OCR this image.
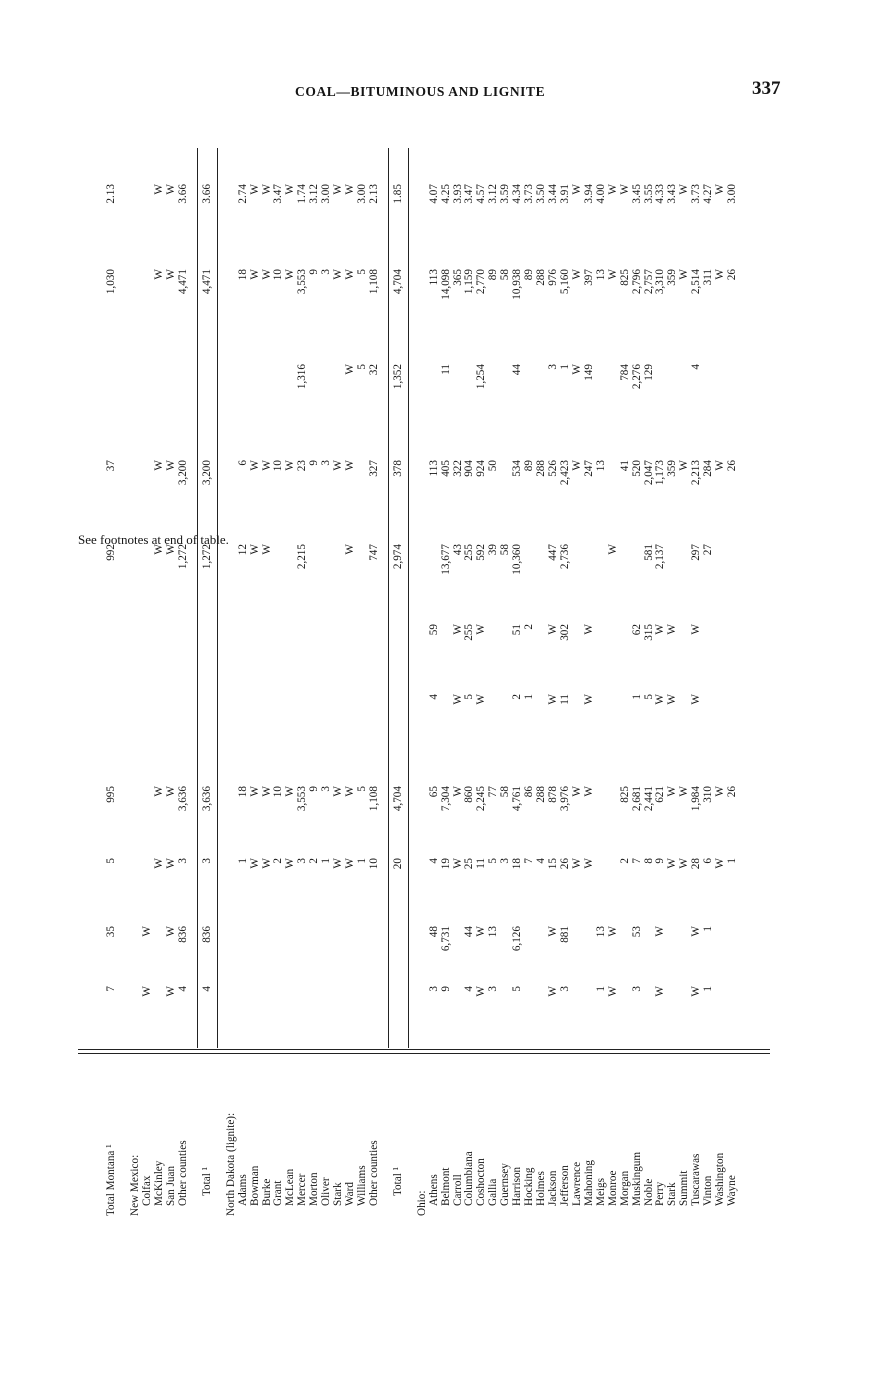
COAL—BITUMINOUS AND LIGNITE	337
Total Montana ¹
7
35
5
995
992
37
1,030
2.13
New Mexico: Colfax
W
W
McKinley
W
W
W
W
W
W
San Juan
W
W
W
W
W
W
W
W
Other counties
4
836
3
3,636
1,272
3,200
4,471
3.66
Total ¹
4
836
3
3,636
1,272
3,200
4,471
3.66
North Dakota (lignite): Adams
1
18
12
6
18
2.74
Bowman
W
W
W
W
W
W
Burke
W
W
W
W
W
W
Grant
2
10
10
10
3.47
McLean
W
W
W
W
W
Mercer
3
3,553
2,215
23
1,316
3,553
1.74
Morton
2
9
9
9
3.12
Oliver
1
3
3
3
3.00
Stark
W
W
W
W
W
Ward
W
W
W
W
W
W
W
Williams
1
5
5
5
3.00
Other counties
10
1,108
747
327
32
1,108
2.13
Total ¹
20
4,704
2,974
378
1,352
4,704
1.85
Ohio: Athens
3
48
4
65
4
59
113
113
4.07
Belmont
9
6,731
19
7,304
13,677
405
11
14,098
4.25
Carroll
W
W
W
W
43
322
365
3.93
Columbiana
4
44
25
860
5
255
255
904
1,159
3.47
Coshocton
W
W
11
2,245
W
W
592
924
1,254
2,770
4.57
Gallia
3
13
5
77
39
50
89
3.12
Guernsey
3
58
58
58
3.59
Harrison
5
6,126
18
4,761
2
51
10,360
534
44
10,938
4.34
Hocking
7
86
1
2
89
89
3.73
Holmes
4
288
288
288
3.50
Jackson
W
W
15
878
W
W
447
526
3
976
3.44
Jefferson
3
881
26
3,976
11
302
2,736
2,423
1
5,160
3.91
Lawrence
W
W
W
W
W
W
Mahoning
W
W
W
W
247
149
397
3.94
Meigs
1
13
13
13
4.00
Monroe
W
W
W
W
W
Morgan
2
825
41
784
825
W
Muskingum
3
53
7
2,681
1
62
520
2,276
2,796
3.45
Noble
8
2,441
5
315
581
2,047
129
2,757
3.55
Perry
W
W
9
621
W
W
2,137
1,173
3,310
4.33
Stark
W
W
W
W
359
359
3.43
Summit
W
W
W
W
W
Tuscarawas
W
W
28
1,984
W
W
297
2,213
4
2,514
3.73
Vinton
1
1
6
310
27
284
311
4.27
Washington
W
W
W
W
W
Wayne
1
26
26
26
3.00
See footnotes at end of table.
